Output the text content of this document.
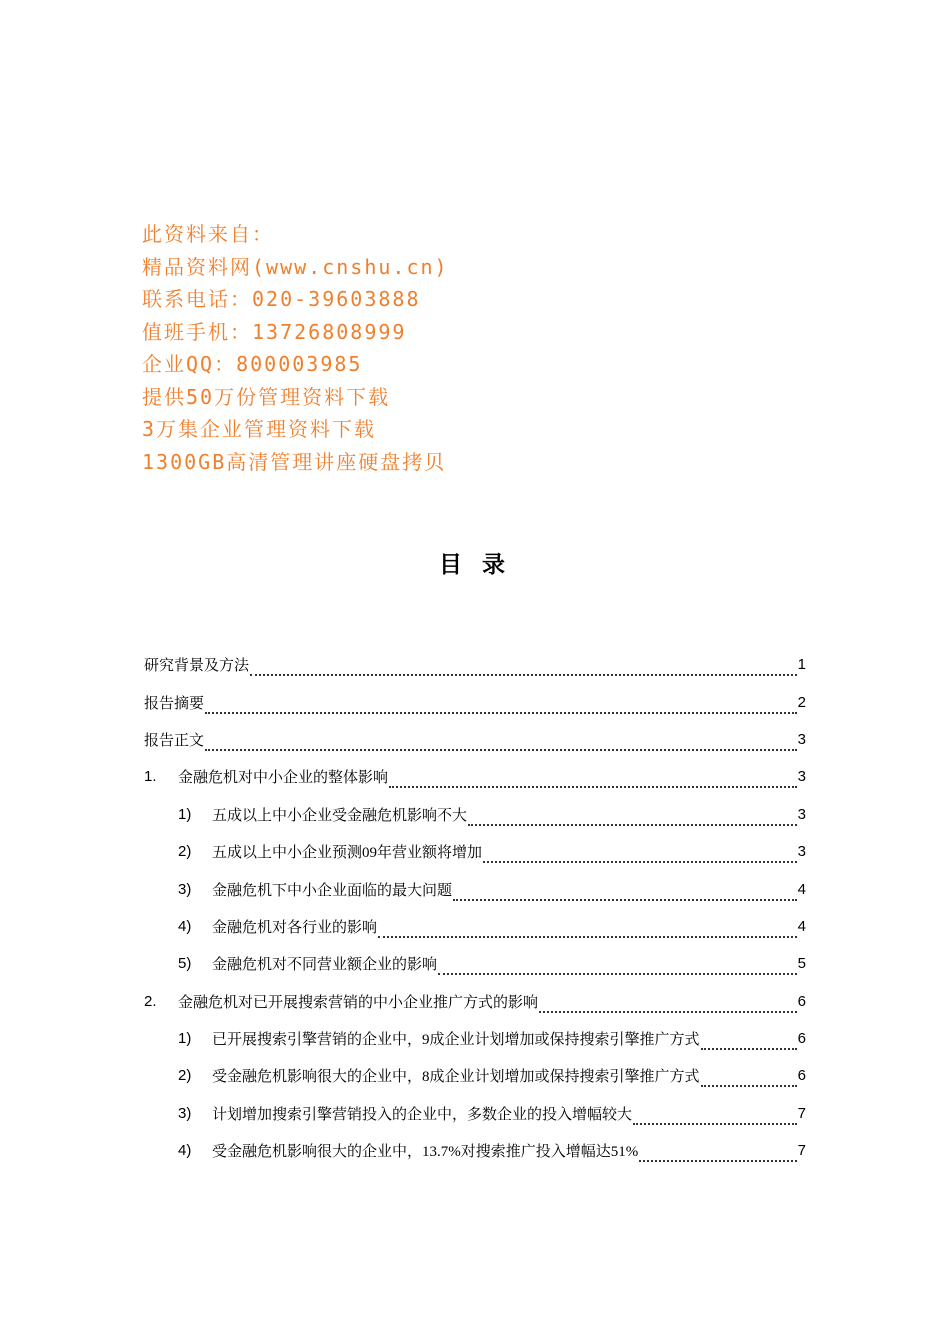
此资料来自：
精品资料网(www.cnshu.cn)
联系电话：020-39603888
值班手机：13726808999
企业QQ：800003985
提供50万份管理资料下载
3万集企业管理资料下载
1300GB高清管理讲座硬盘拷贝
目 录
研究背景及方法	1
报告摘要	2
报告正文	3
1.	金融危机对中小企业的整体影响	3
1)	五成以上中小企业受金融危机影响不大	3
2)	五成以上中小企业预测09年营业额将增加	3
3)	金融危机下中小企业面临的最大问题	4
4)	金融危机对各行业的影响	4
5)	金融危机对不同营业额企业的影响	5
2.	金融危机对已开展搜索营销的中小企业推广方式的影响	6
1)	已开展搜索引擎营销的企业中，9成企业计划增加或保持搜索引擎推广方式	6
2)	受金融危机影响很大的企业中，8成企业计划增加或保持搜索引擎推广方式	6
3)	计划增加搜索引擎营销投入的企业中，多数企业的投入增幅较大	7
4)	受金融危机影响很大的企业中，13.7%对搜索推广投入增幅达51%	7
